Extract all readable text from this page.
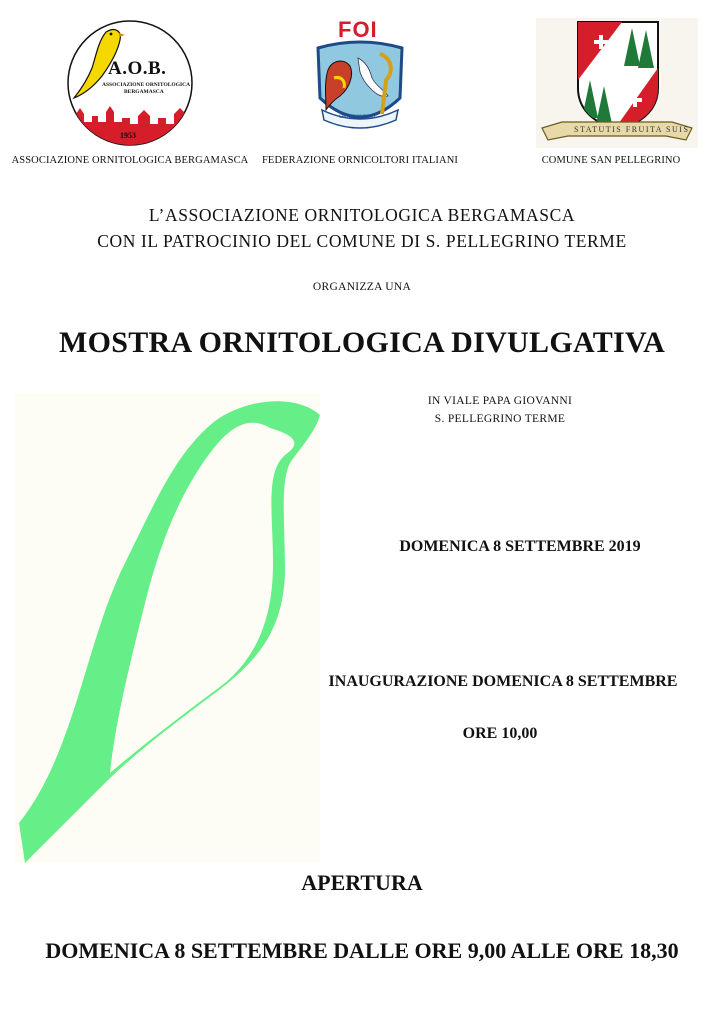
A.O.B.
ASSOCIAZIONE ORNITOLOGICA
BERGAMASCA
1953
ASSOCIAZIONE ORNITOLOGICA BERGAMASCA
FOI
ORNICOLTORI
FEDERAZIONE ORNICOLTORI ITALIANI
STATUTIS FRUITA SUIS
COMUNE SAN PELLEGRINO
L’ASSOCIAZIONE ORNITOLOGICA BERGAMASCA
CON IL PATROCINIO DEL COMUNE DI S. PELLEGRINO TERME
ORGANIZZA UNA
MOSTRA ORNITOLOGICA DIVULGATIVA
IN VIALE PAPA GIOVANNI
S. PELLEGRINO TERME
DOMENICA 8 SETTEMBRE 2019
INAUGURAZIONE DOMENICA 8 SETTEMBRE
ORE 10,00
APERTURA
DOMENICA 8 SETTEMBRE DALLE ORE 9,00 ALLE ORE 18,30
